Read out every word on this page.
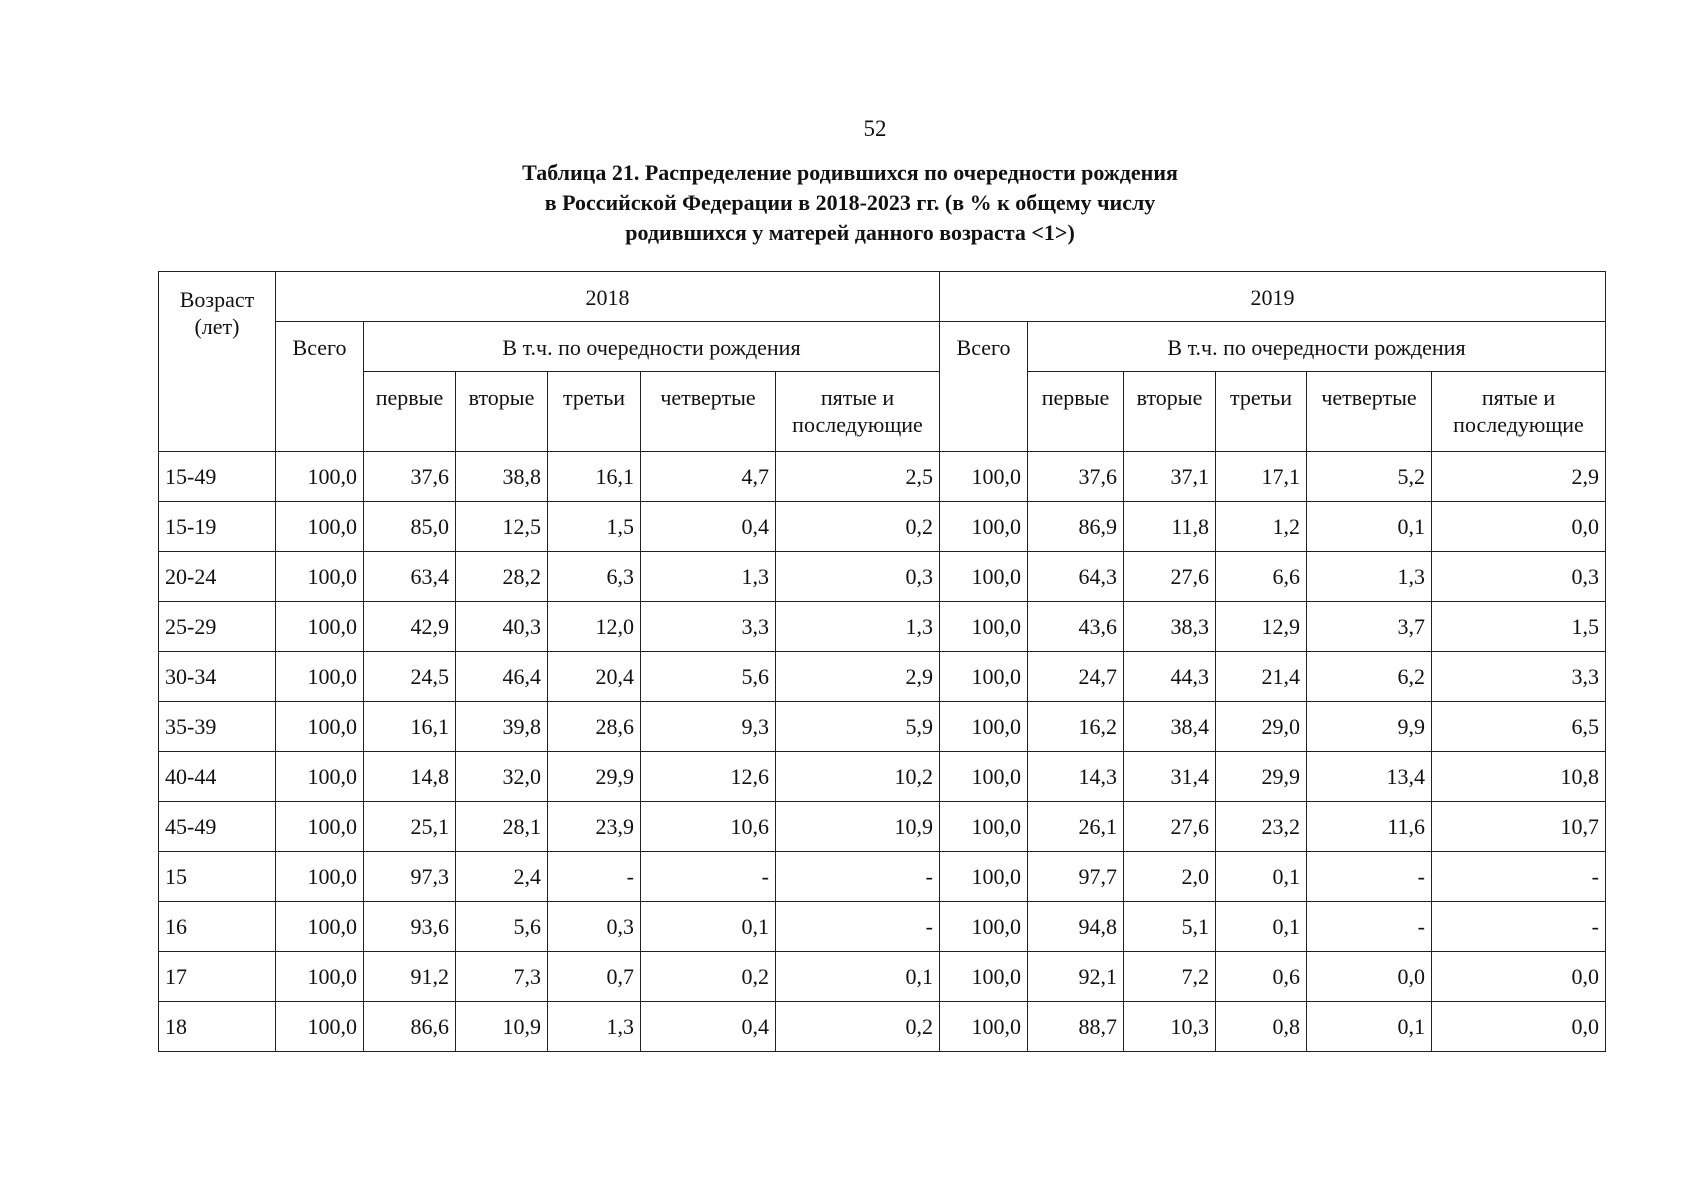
52
Таблица 21. Распределение родившихся по очередности рождения
в Российской Федерации в 2018-2023 гг. (в % к общему числу
родившихся у матерей данного возраста <1>)
Возраст (лет)	2018						2019					
	Всего	В т.ч. по очередности рождения					Всего	В т.ч. по очередности рождения				
		первые	вторые	третьи	четвертые	пятые и последующие		первые	вторые	третьи	четвертые	пятые и последующие
15-49	100,0	37,6	38,8	16,1	4,7	2,5	100,0	37,6	37,1	17,1	5,2	2,9
15-19	100,0	85,0	12,5	1,5	0,4	0,2	100,0	86,9	11,8	1,2	0,1	0,0
20-24	100,0	63,4	28,2	6,3	1,3	0,3	100,0	64,3	27,6	6,6	1,3	0,3
25-29	100,0	42,9	40,3	12,0	3,3	1,3	100,0	43,6	38,3	12,9	3,7	1,5
30-34	100,0	24,5	46,4	20,4	5,6	2,9	100,0	24,7	44,3	21,4	6,2	3,3
35-39	100,0	16,1	39,8	28,6	9,3	5,9	100,0	16,2	38,4	29,0	9,9	6,5
40-44	100,0	14,8	32,0	29,9	12,6	10,2	100,0	14,3	31,4	29,9	13,4	10,8
45-49	100,0	25,1	28,1	23,9	10,6	10,9	100,0	26,1	27,6	23,2	11,6	10,7
15	100,0	97,3	2,4	-	-	-	100,0	97,7	2,0	0,1	-	-
16	100,0	93,6	5,6	0,3	0,1	-	100,0	94,8	5,1	0,1	-	-
17	100,0	91,2	7,3	0,7	0,2	0,1	100,0	92,1	7,2	0,6	0,0	0,0
18	100,0	86,6	10,9	1,3	0,4	0,2	100,0	88,7	10,3	0,8	0,1	0,0
